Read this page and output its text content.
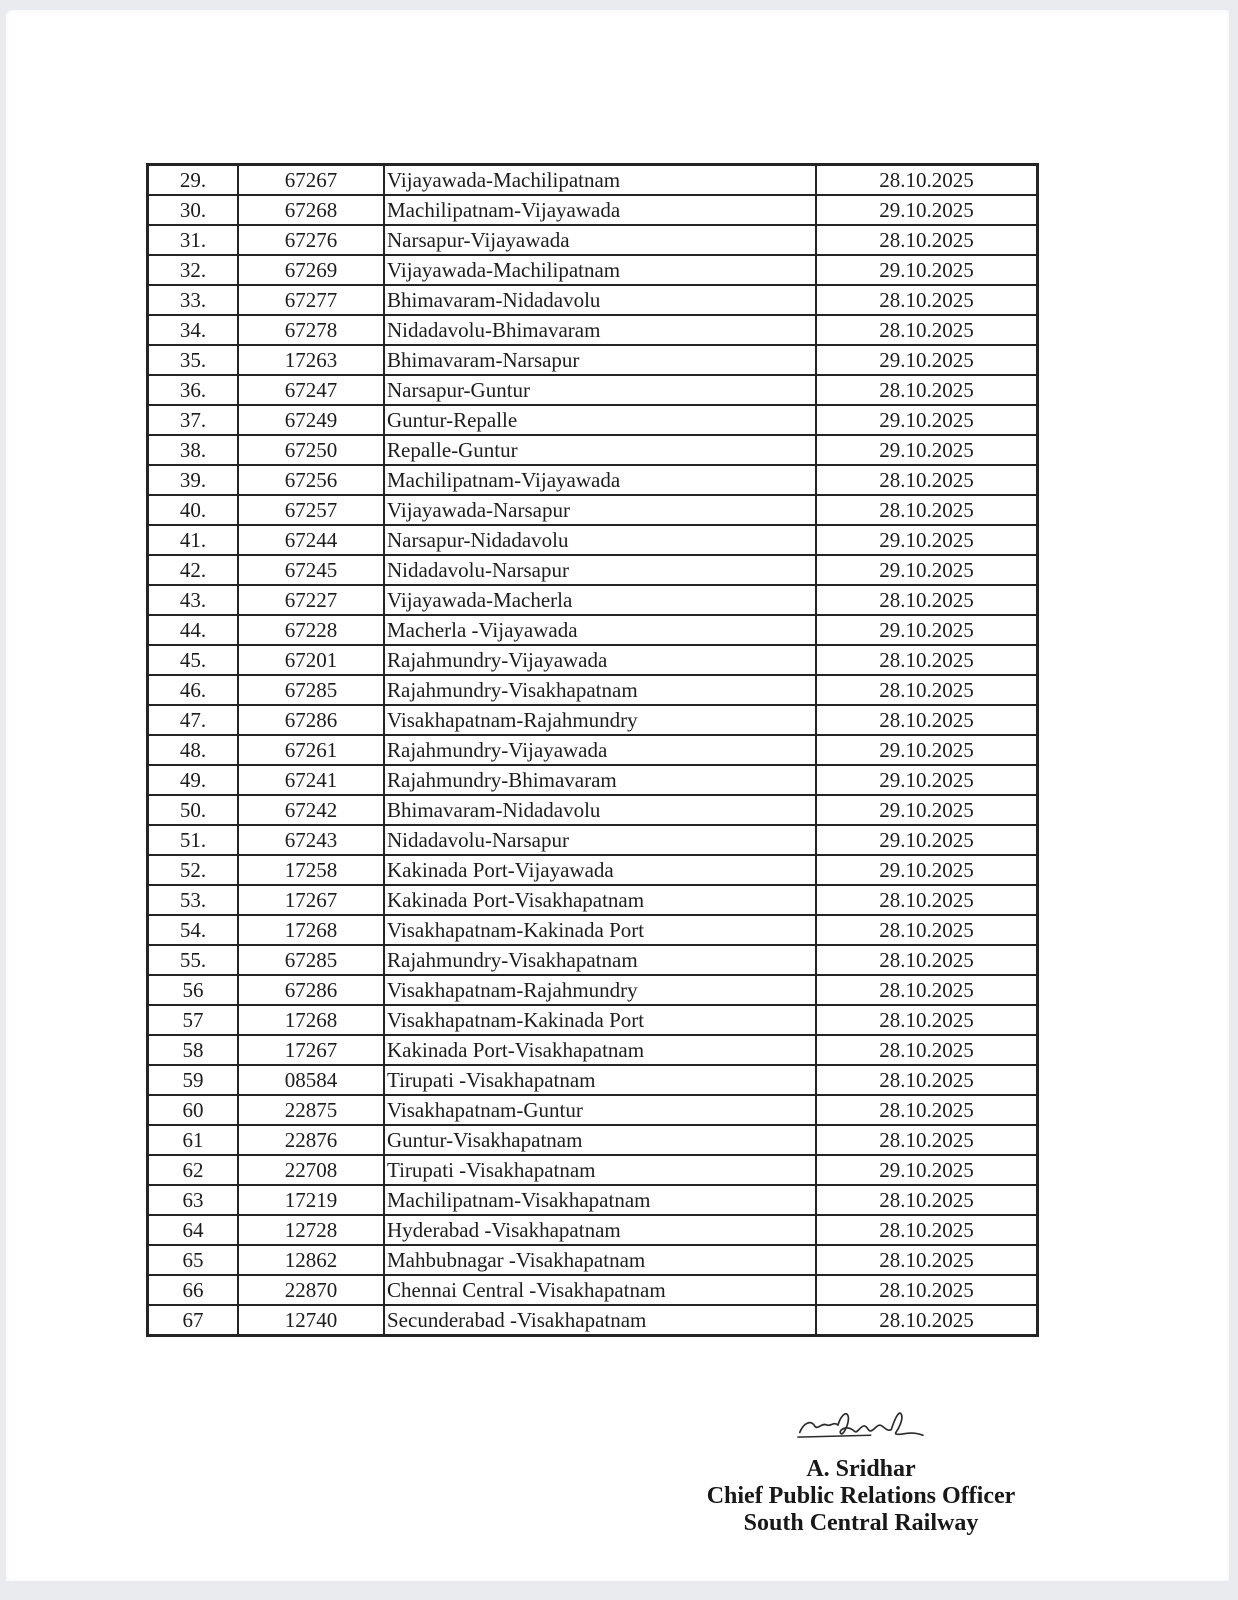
29.	67267	Vijayawada-Machilipatnam	28.10.2025
30.	67268	Machilipatnam-Vijayawada	29.10.2025
31.	67276	Narsapur-Vijayawada	28.10.2025
32.	67269	Vijayawada-Machilipatnam	29.10.2025
33.	67277	Bhimavaram-Nidadavolu	28.10.2025
34.	67278	Nidadavolu-Bhimavaram	28.10.2025
35.	17263	Bhimavaram-Narsapur	29.10.2025
36.	67247	Narsapur-Guntur	28.10.2025
37.	67249	Guntur-Repalle	29.10.2025
38.	67250	Repalle-Guntur	29.10.2025
39.	67256	Machilipatnam-Vijayawada	28.10.2025
40.	67257	Vijayawada-Narsapur	28.10.2025
41.	67244	Narsapur-Nidadavolu	29.10.2025
42.	67245	Nidadavolu-Narsapur	29.10.2025
43.	67227	Vijayawada-Macherla	28.10.2025
44.	67228	Macherla -Vijayawada	29.10.2025
45.	67201	Rajahmundry-Vijayawada	28.10.2025
46.	67285	Rajahmundry-Visakhapatnam	28.10.2025
47.	67286	Visakhapatnam-Rajahmundry	28.10.2025
48.	67261	Rajahmundry-Vijayawada	29.10.2025
49.	67241	Rajahmundry-Bhimavaram	29.10.2025
50.	67242	Bhimavaram-Nidadavolu	29.10.2025
51.	67243	Nidadavolu-Narsapur	29.10.2025
52.	17258	Kakinada Port-Vijayawada	29.10.2025
53.	17267	Kakinada Port-Visakhapatnam	28.10.2025
54.	17268	Visakhapatnam-Kakinada Port	28.10.2025
55.	67285	Rajahmundry-Visakhapatnam	28.10.2025
56	67286	Visakhapatnam-Rajahmundry	28.10.2025
57	17268	Visakhapatnam-Kakinada Port	28.10.2025
58	17267	Kakinada Port-Visakhapatnam	28.10.2025
59	08584	Tirupati -Visakhapatnam	28.10.2025
60	22875	Visakhapatnam-Guntur	28.10.2025
61	22876	Guntur-Visakhapatnam	28.10.2025
62	22708	Tirupati -Visakhapatnam	29.10.2025
63	17219	Machilipatnam-Visakhapatnam	28.10.2025
64	12728	Hyderabad -Visakhapatnam	28.10.2025
65	12862	Mahbubnagar -Visakhapatnam	28.10.2025
66	22870	Chennai Central -Visakhapatnam	28.10.2025
67	12740	Secunderabad -Visakhapatnam	28.10.2025
A. Sridhar
Chief Public Relations Officer
South Central Railway
